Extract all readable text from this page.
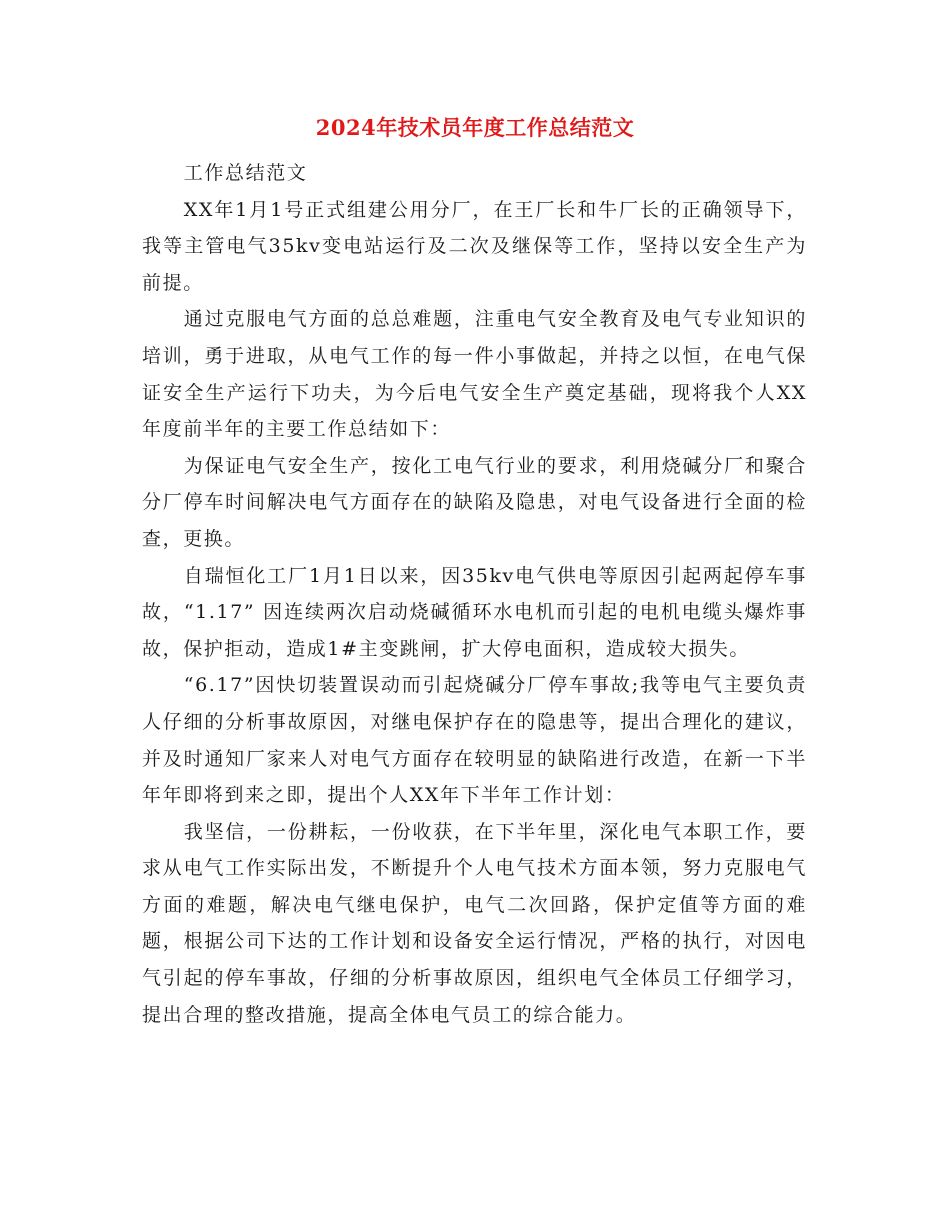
2024年技术员年度工作总结范文

工作总结范文

XX年1月1号正式组建公用分厂，在王厂长和牛厂长的正确领导下，我等主管电气35kv变电站运行及二次及继保等工作，坚持以安全生产为前提。

通过克服电气方面的总总难题，注重电气安全教育及电气专业知识的培训，勇于进取，从电气工作的每一件小事做起，并持之以恒，在电气保证安全生产运行下功夫，为今后电气安全生产奠定基础，现将我个人XX年度前半年的主要工作总结如下：

为保证电气安全生产，按化工电气行业的要求，利用烧碱分厂和聚合分厂停车时间解决电气方面存在的缺陷及隐患，对电气设备进行全面的检查，更换。

自瑞恒化工厂1月1日以来，因35kv电气供电等原因引起两起停车事故，“1.17” 因连续两次启动烧碱循环水电机而引起的电机电缆头爆炸事故，保护拒动，造成1#主变跳闸，扩大停电面积，造成较大损失。

“6.17”因快切装置误动而引起烧碱分厂停车事故;我等电气主要负责人仔细的分析事故原因，对继电保护存在的隐患等，提出合理化的建议，并及时通知厂家来人对电气方面存在较明显的缺陷进行改造，在新一下半年年即将到来之即，提出个人XX年下半年工作计划：

我坚信，一份耕耘，一份收获，在下半年里，深化电气本职工作，要求从电气工作实际出发，不断提升个人电气技术方面本领，努力克服电气方面的难题，解决电气继电保护，电气二次回路，保护定值等方面的难题，根据公司下达的工作计划和设备安全运行情况，严格的执行，对因电气引起的停车事故，仔细的分析事故原因，组织电气全体员工仔细学习，提出合理的整改措施，提高全体电气员工的综合能力。
